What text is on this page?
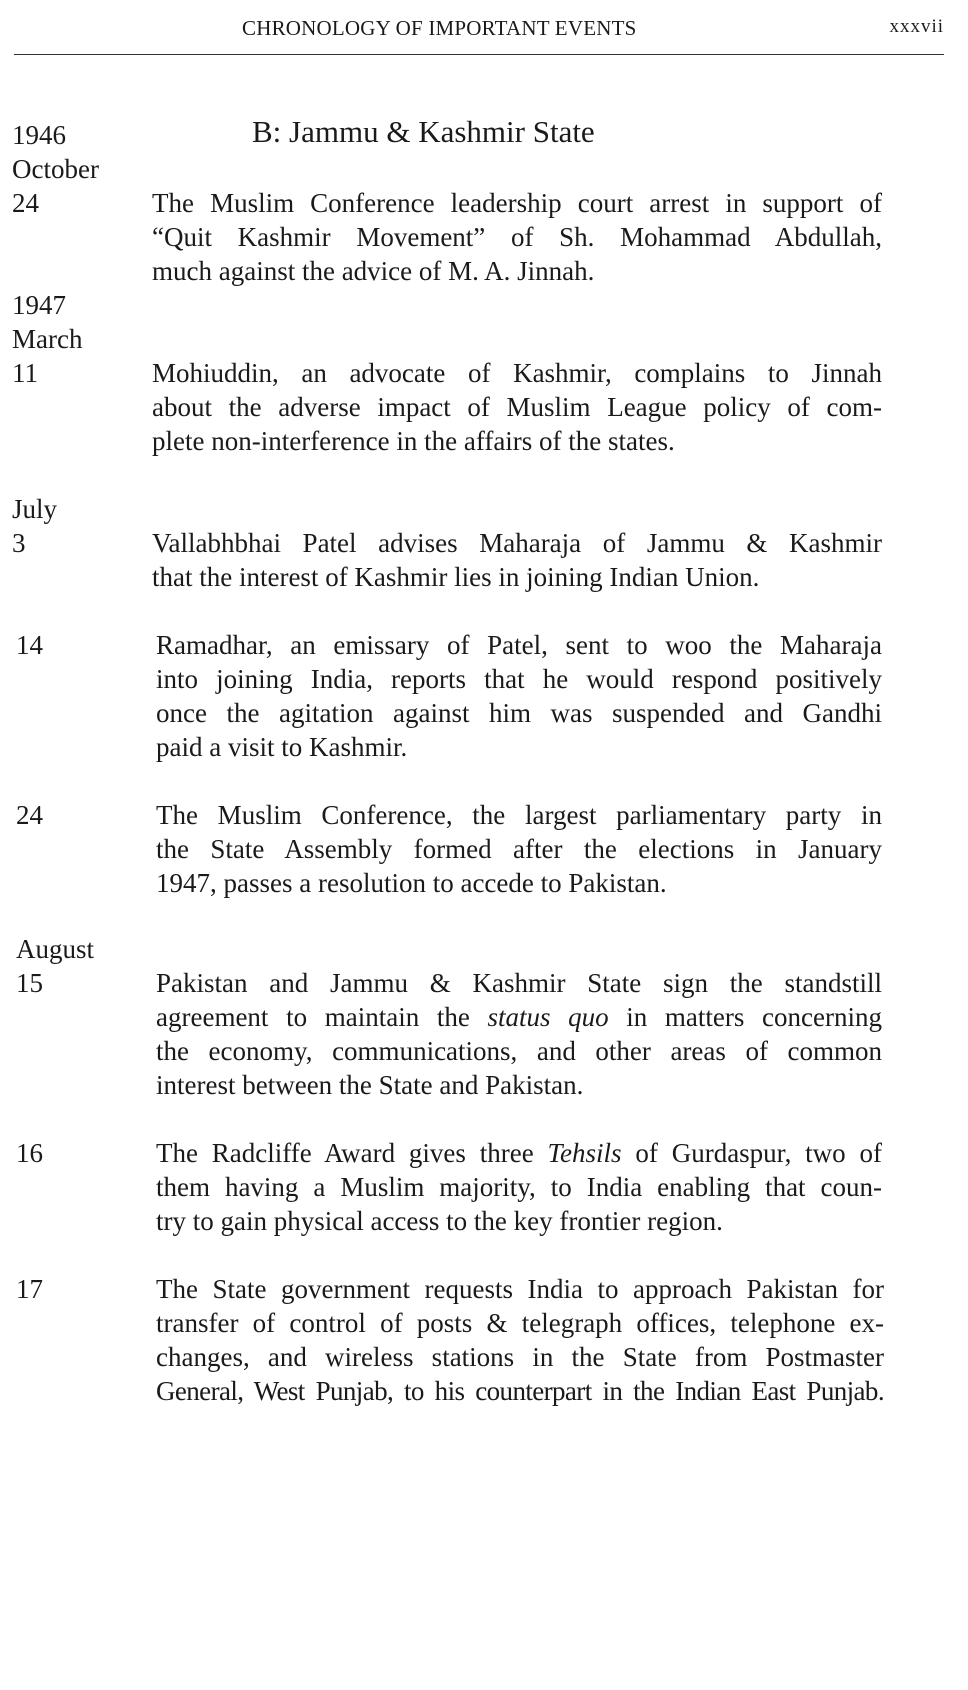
CHRONOLOGY OF IMPORTANT EVENTS	xxxvii
1946
October
24
1947
March
11
July
3
14
24
August
15
16
17
B: Jammu & Kashmir State
The Muslim Conference leadership court arrest in support of
“Quit Kashmir Movement” of Sh. Mohammad Abdullah,
much against the advice of M. A. Jinnah.
Mohiuddin, an advocate of Kashmir, complains to Jinnah
about the adverse impact of Muslim League policy of com-
plete non-interference in the affairs of the states.
Vallabhbhai Patel advises Maharaja of Jammu & Kashmir
that the interest of Kashmir lies in joining Indian Union.
Ramadhar, an emissary of Patel, sent to woo the Maharaja
into joining India, reports that he would respond positively
once the agitation against him was suspended and Gandhi
paid a visit to Kashmir.
The Muslim Conference, the largest parliamentary party in
the State Assembly formed after the elections in January
1947, passes a resolution to accede to Pakistan.
Pakistan and Jammu & Kashmir State sign the standstill
agreement to maintain the status quo in matters concerning
the economy, communications, and other areas of common
interest between the State and Pakistan.
The Radcliffe Award gives three Tehsils of Gurdaspur, two of
them having a Muslim majority, to India enabling that coun-
try to gain physical access to the key frontier region.
The State government requests India to approach Pakistan for
transfer of control of posts & telegraph offices, telephone ex-
changes, and wireless stations in the State from Postmaster
General, West Punjab, to his counterpart in the Indian East Punjab.
